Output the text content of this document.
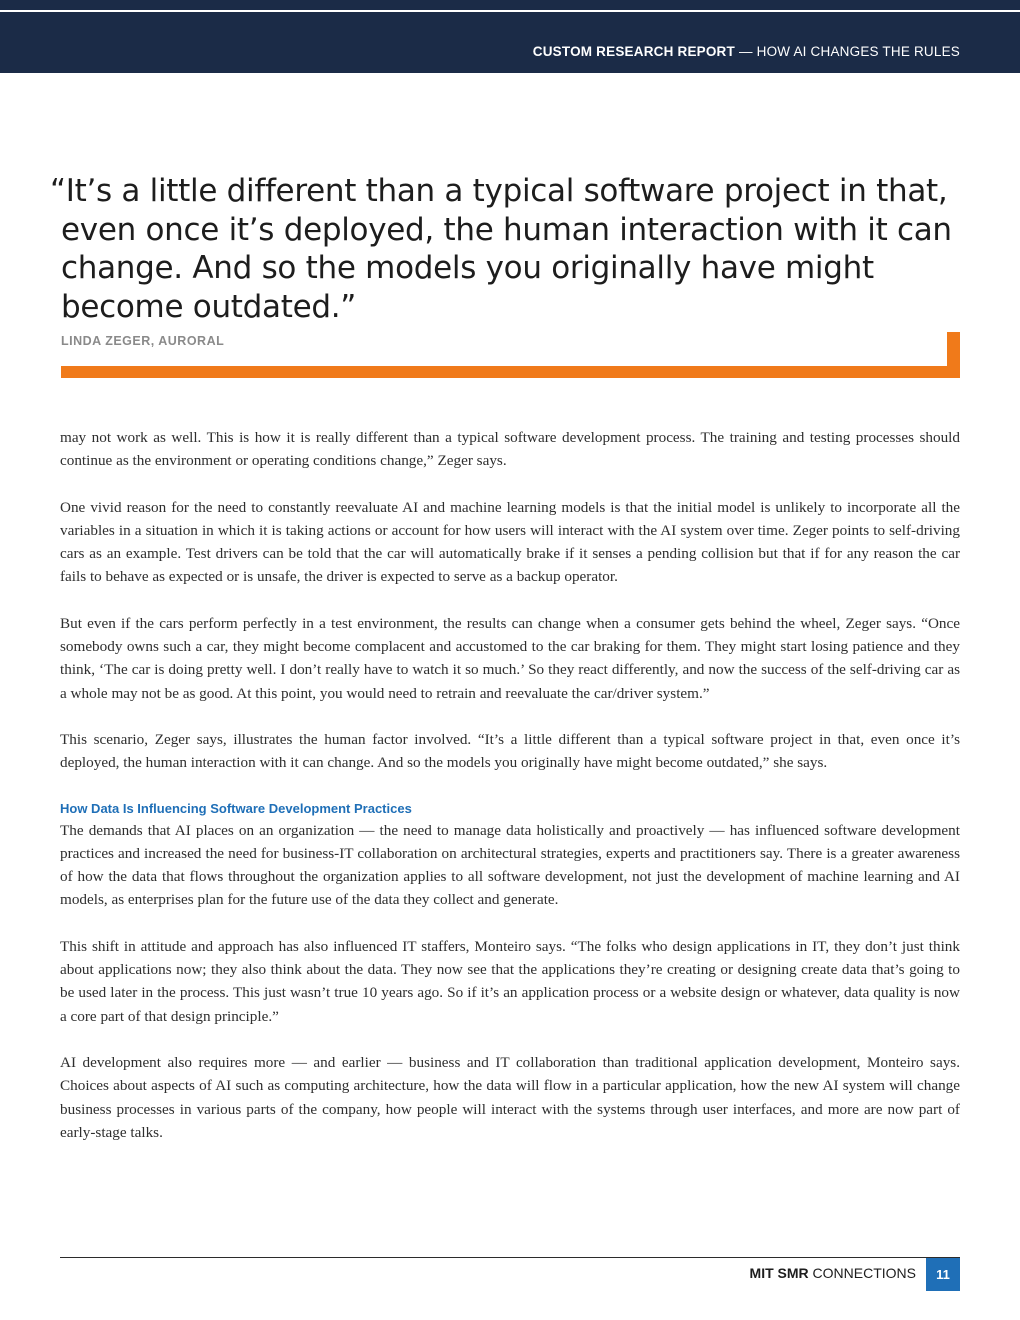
CUSTOM RESEARCH REPORT — HOW AI CHANGES THE RULES
“It’s a little different than a typical software project in that, even once it’s deployed, the human interaction with it can change. And so the models you originally have might become outdated.”
LINDA ZEGER, AURORAL

may not work as well. This is how it is really different than a typical software development process. The training and testing processes should continue as the environment or operating conditions change,” Zeger says.

One vivid reason for the need to constantly reevaluate AI and machine learning models is that the initial model is unlikely to incorporate all the variables in a situation in which it is taking actions or account for how users will interact with the AI system over time. Zeger points to self-driving cars as an example. Test drivers can be told that the car will automatically brake if it senses a pending collision but that if for any reason the car fails to behave as expected or is unsafe, the driver is expected to serve as a backup operator.

But even if the cars perform perfectly in a test environment, the results can change when a consumer gets behind the wheel, Zeger says. “Once somebody owns such a car, they might become complacent and accustomed to the car braking for them. They might start losing patience and they think, ‘The car is doing pretty well. I don’t really have to watch it so much.’ So they react differently, and now the success of the self-driving car as a whole may not be as good. At this point, you would need to retrain and reevaluate the car/driver system.”

This scenario, Zeger says, illustrates the human factor involved. “It’s a little different than a typical software project in that, even once it’s deployed, the human interaction with it can change. And so the models you originally have might become outdated,” she says.

How Data Is Influencing Software Development Practices

The demands that AI places on an organization — the need to manage data holistically and proactively — has influenced software development practices and increased the need for business-IT collaboration on architectural strategies, experts and practitioners say. There is a greater awareness of how the data that flows throughout the organization applies to all software development, not just the development of machine learning and AI models, as enterprises plan for the future use of the data they collect and generate.

This shift in attitude and approach has also influenced IT staffers, Monteiro says. “The folks who design applications in IT, they don’t just think about applications now; they also think about the data. They now see that the applications they’re creating or designing create data that’s going to be used later in the process. This just wasn’t true 10 years ago. So if it’s an application process or a website design or whatever, data quality is now a core part of that design principle.”

AI development also requires more — and earlier — business and IT collaboration than traditional application development, Monteiro says. Choices about aspects of AI such as computing architecture, how the data will flow in a particular application, how the new AI system will change business processes in various parts of the company, how people will interact with the systems through user interfaces, and more are now part of early-stage talks.

MIT SMR CONNECTIONS	11
